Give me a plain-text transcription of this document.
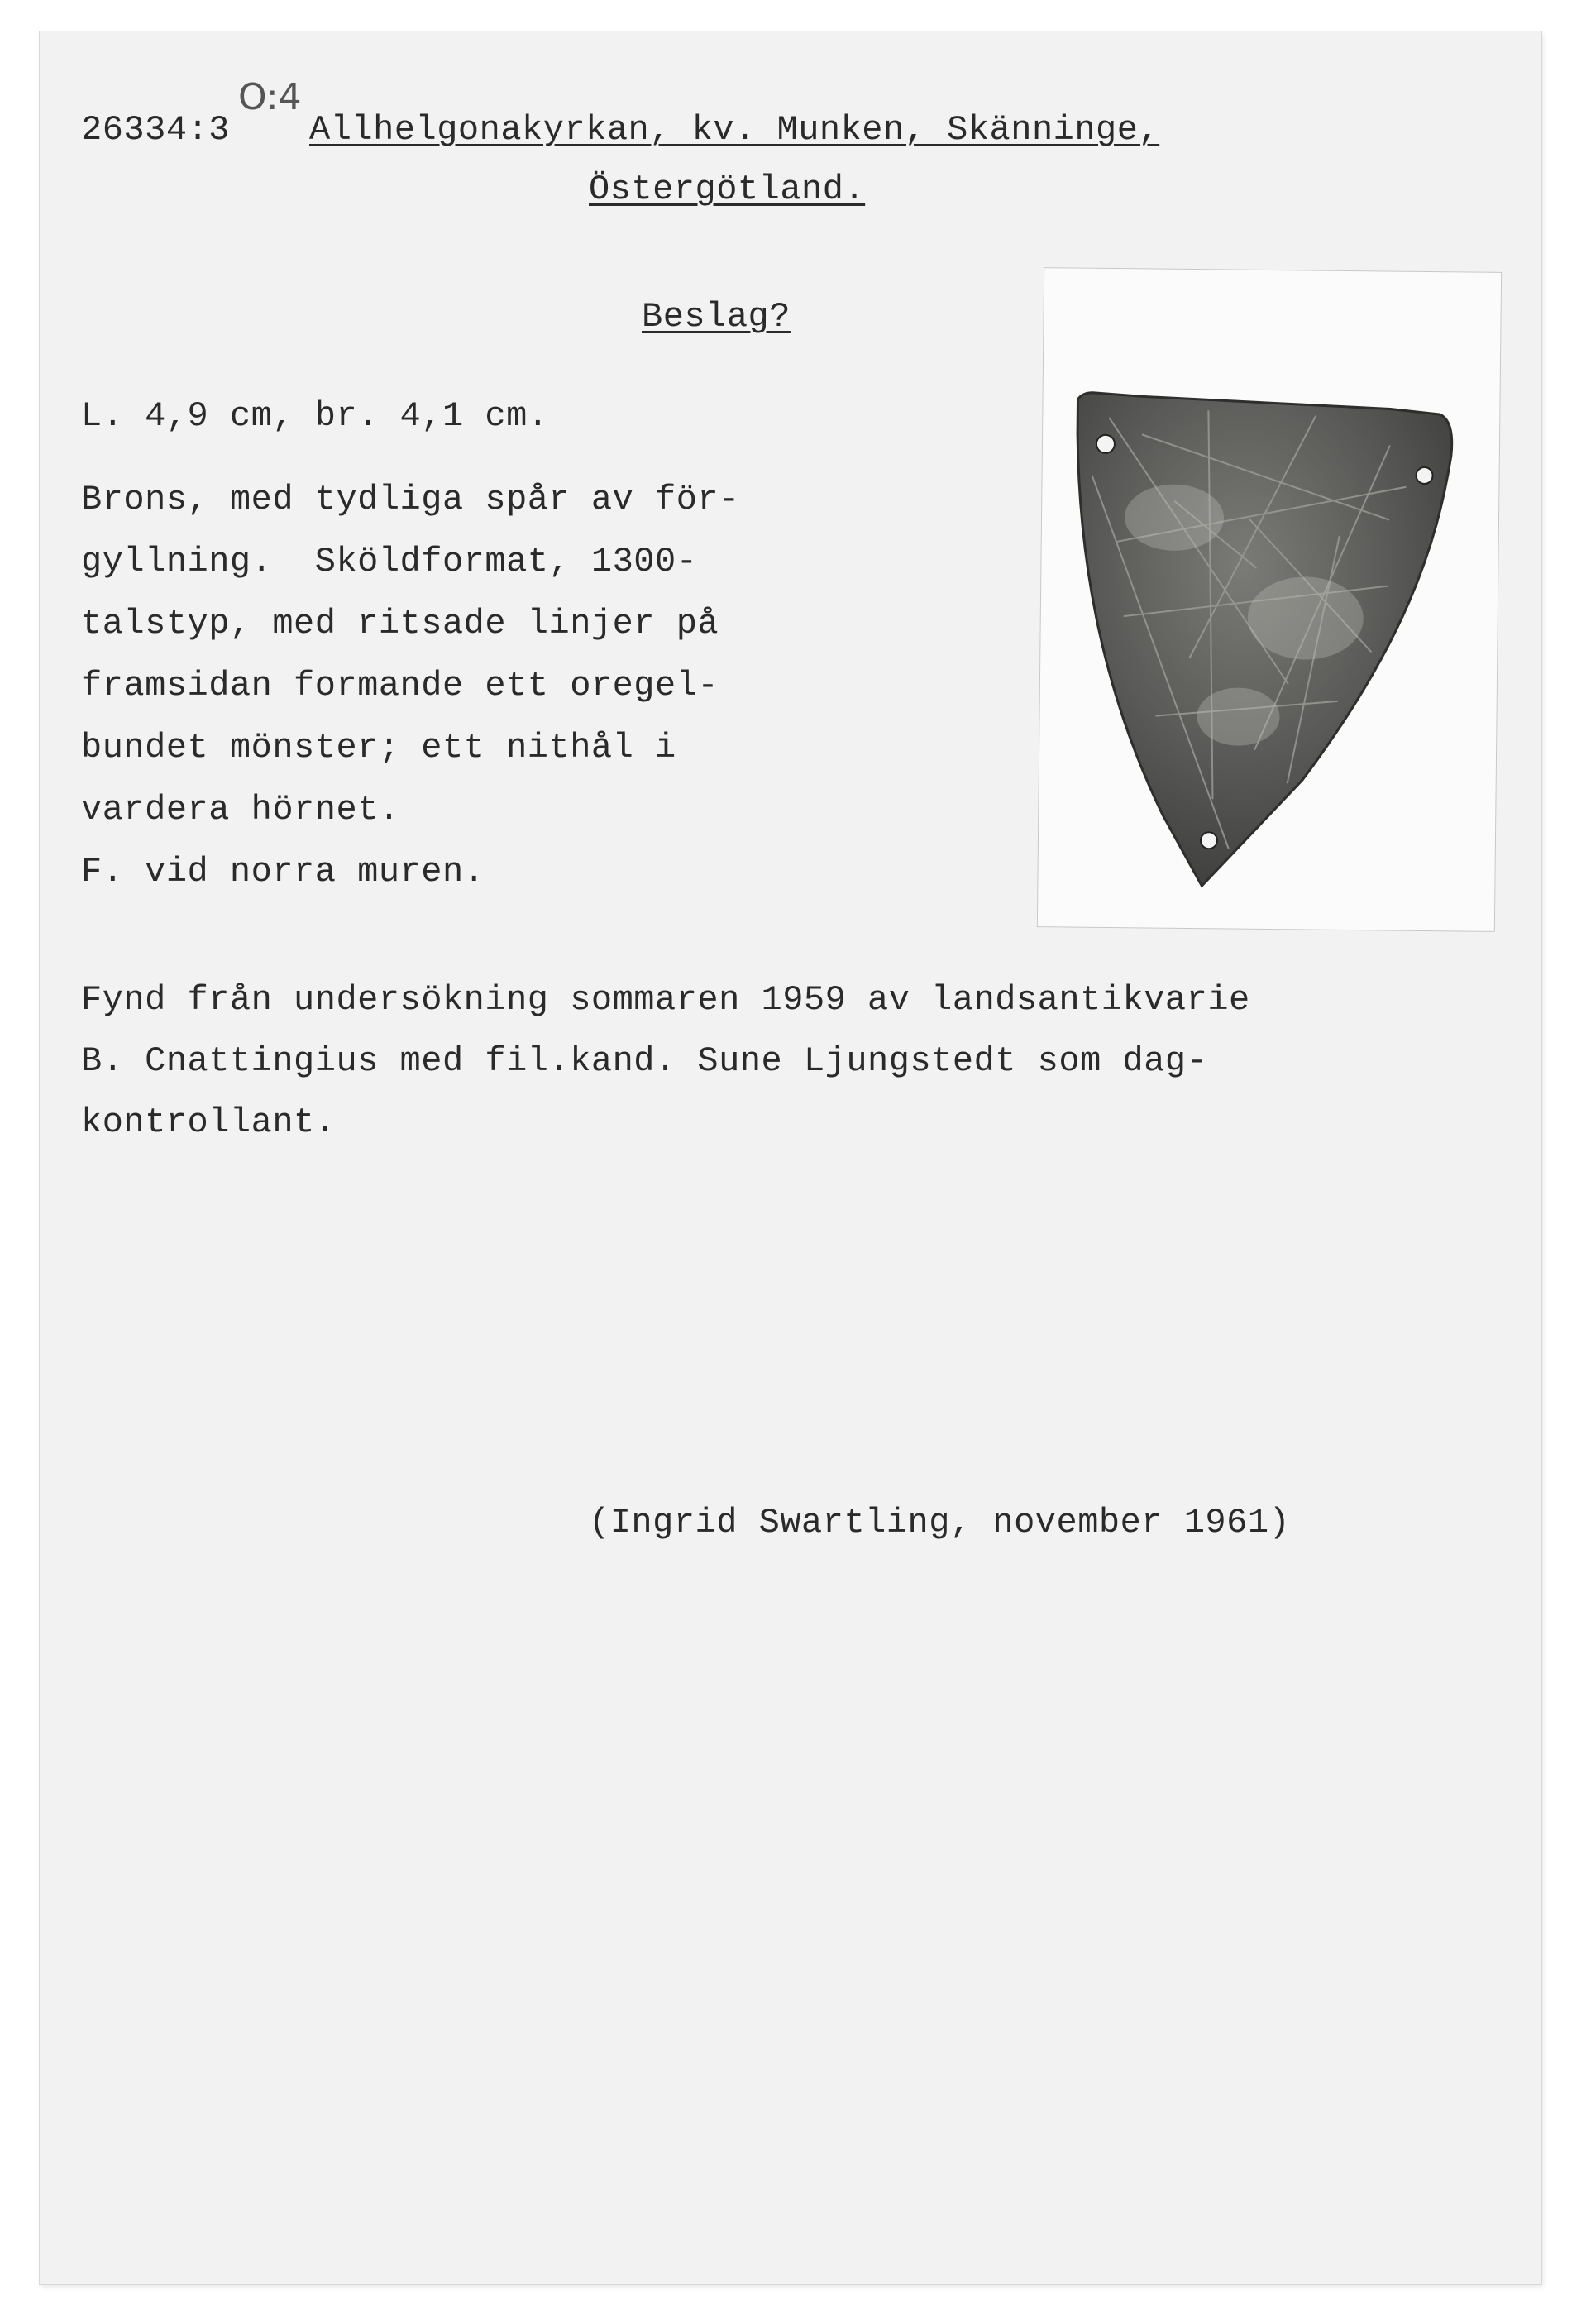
O:4
26334:3 Allhelgonakyrkan, kv. Munken, Skänninge,
Östergötland.
Beslag?
L. 4,9 cm, br. 4,1 cm.
Brons, med tydliga spår av för-
gyllning.  Sköldformat, 1300-
talstyp, med ritsade linjer på
framsidan formande ett oregel-
bundet mönster; ett nithål i
vardera hörnet.
F. vid norra muren.
Fynd från undersökning sommaren 1959 av landsantikvarie
B. Cnattingius med fil.kand. Sune Ljungstedt som dag-
kontrollant.
(Ingrid Swartling, november 1961)
